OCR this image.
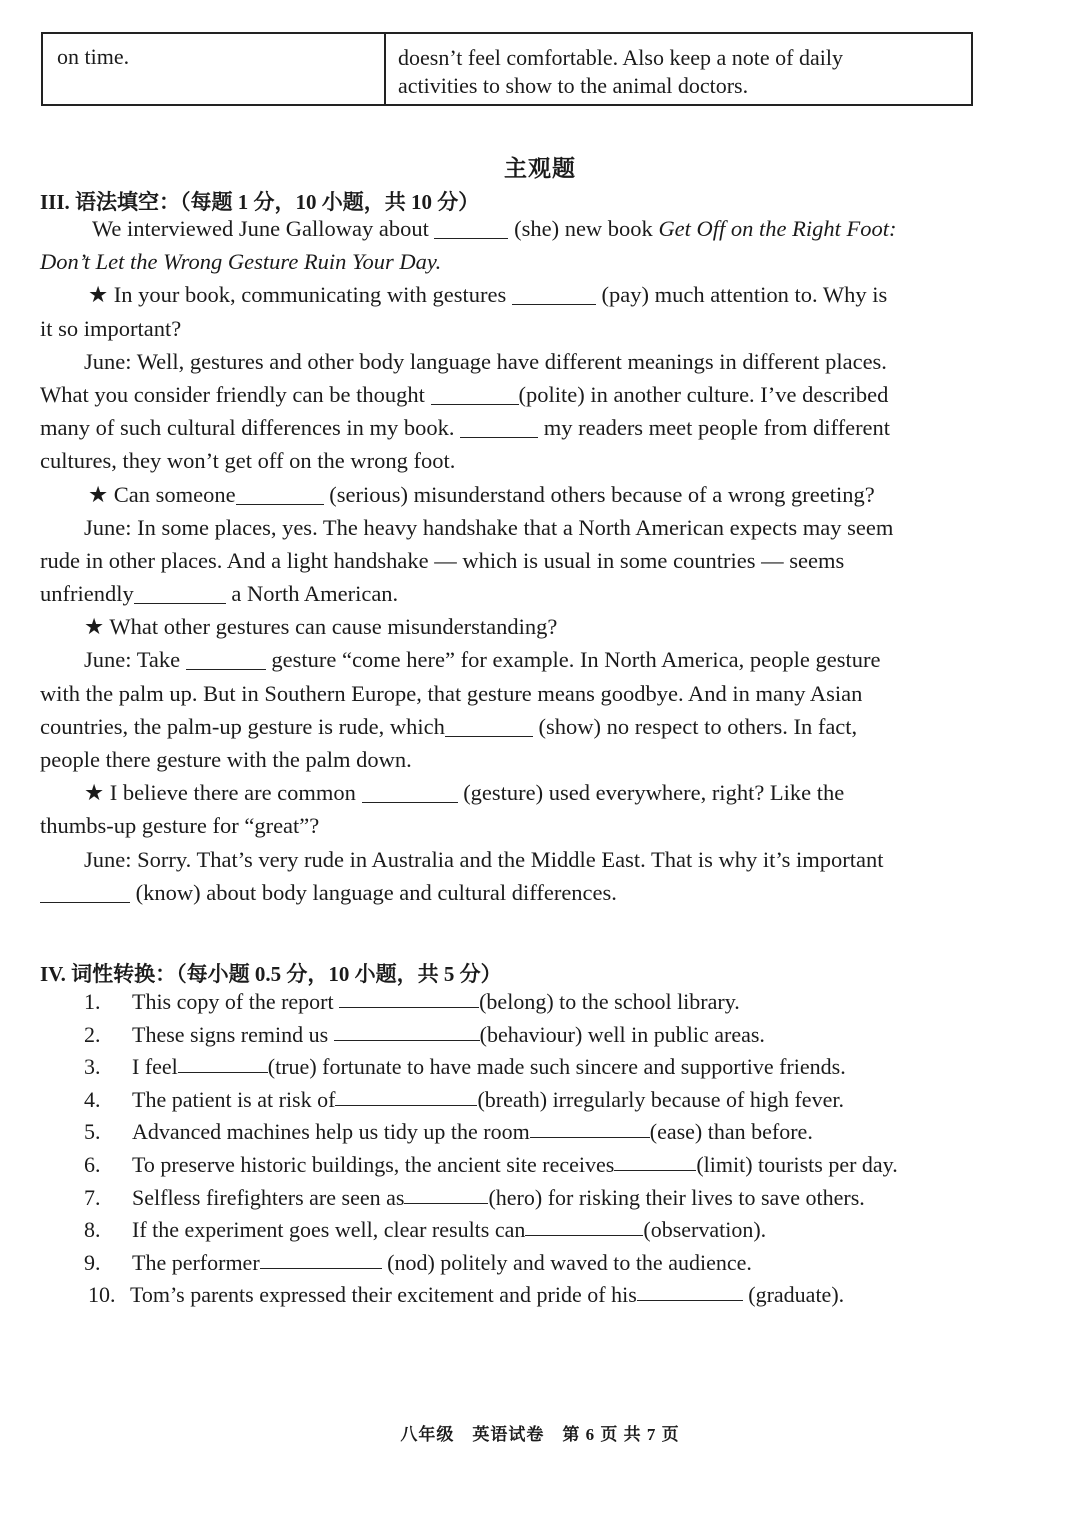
on time.	doesn’t feel comfortable. Also keep a note of daily
activities to show to the animal doctors.
主观题
III. 语法填空：（每题 1 分，10 小题，共 10 分）
We interviewed June Galloway about	(she) new book Get Off on the Right Foot:
Don’t Let the Wrong Gesture Ruin Your Day.
★ In your book, communicating with gestures	(pay) much attention to. Why is
it so important?
June: Well, gestures and other body language have different meanings in different places.
What you consider friendly can be thought	(polite) in another culture. I’ve described
many of such cultural differences in my book.	my readers meet people from different
cultures, they won’t get off on the wrong foot.
★ Can someone	(serious) misunderstand others because of a wrong greeting?
June: In some places, yes. The heavy handshake that a North American expects may seem
rude in other places. And a light handshake — which is usual in some countries — seems
unfriendly	a North American.
★ What other gestures can cause misunderstanding?
June: Take	gesture “come here” for example. In North America, people gesture
with the palm up. But in Southern Europe, that gesture means goodbye. And in many Asian
countries, the palm-up gesture is rude, which	(show) no respect to others. In fact,
people there gesture with the palm down.
★ I believe there are common	(gesture) used everywhere, right? Like the
thumbs-up gesture for “great”?
June: Sorry. That’s very rude in Australia and the Middle East. That is why it’s important
(know) about body language and cultural differences.
IV. 词性转换：（每小题 0.5 分，10 小题，共 5 分）
1.	This copy of the report
	(belong) to the school library.
2.	These signs remind us
	(behaviour) well in public areas.
3.	I feel	(true) fortunate to have made such sincere and supportive friends.
4.	The patient is at risk of	(breath) irregularly because of high fever.
5.	Advanced machines help us tidy up the room	(ease) than before.
6.	To preserve historic buildings, the ancient site receives	(limit) tourists per day.
7.	Selfless firefighters are seen as	(hero) for risking their lives to save others.
8.	If the experiment goes well, clear results can	(observation).
9.	The performer
	(nod) politely and waved to the audience.
10. Tom’s parents expressed their excitement and pride of his
	(graduate).
八年级　英语试卷　第 6 页 共 7 页
